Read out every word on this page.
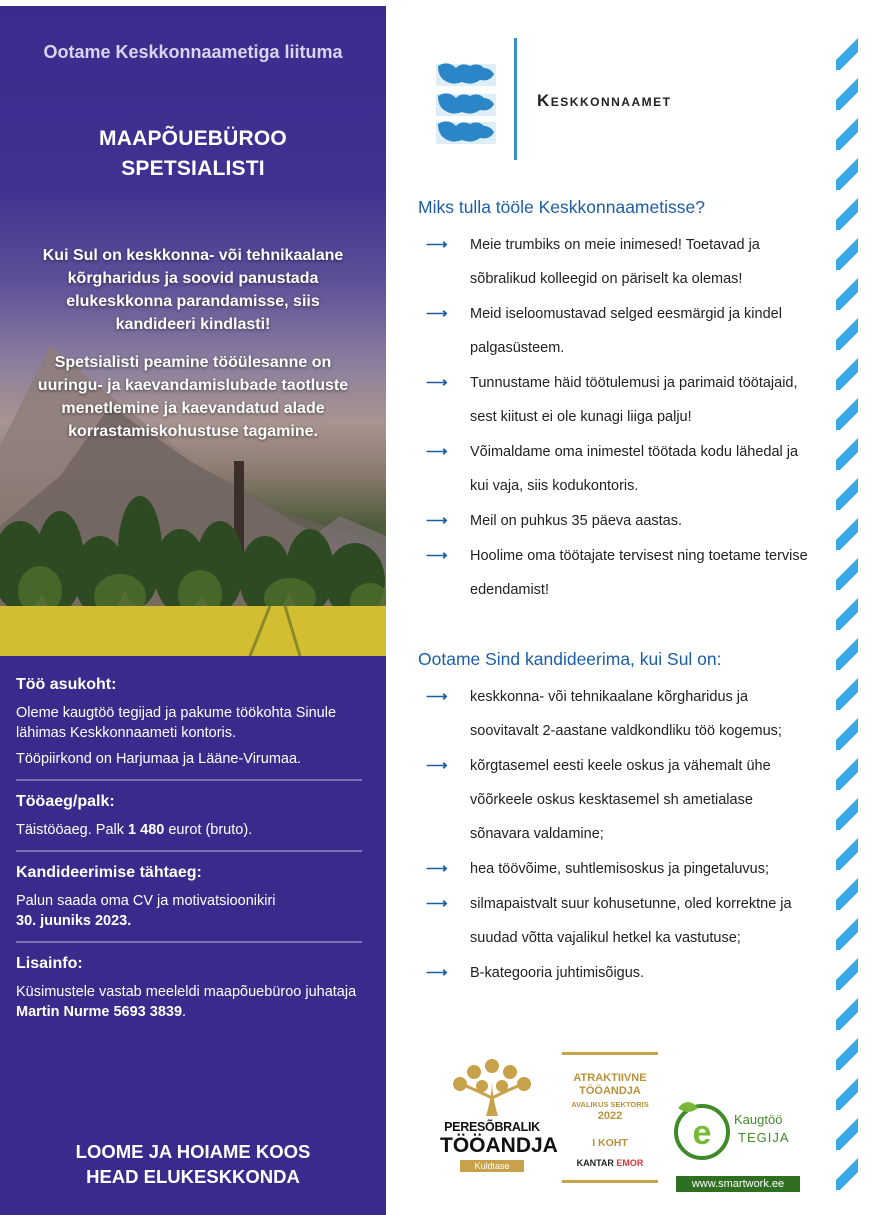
Ootame Keskkonnaametiga liituma
MAAPÕUEBÜROO
SPETSIALISTI
Kui Sul on keskkonna- või tehnikaalane kõrgharidus ja soovid panustada elukeskkonna parandamisse, siis kandideeri kindlasti!
Spetsialisti peamine tööülesanne on uuringu- ja kaevandamislubade taotluste menetlemine ja kaevandatud alade korrastamiskohustuse tagamine.
Töö asukoht:
Oleme kaugtöö tegijad ja pakume töökohta Sinule lähimas Keskkonnaameti kontoris.
Tööpiirkond on Harjumaa ja Lääne-Virumaa.
Tööaeg/palk:
Täistööaeg. Palk 1 480 eurot (bruto).
Kandideerimise tähtaeg:
Palun saada oma CV ja motivatsioonikiri
30. juuniks 2023.
Lisainfo:
Küsimustele vastab meeleldi maapõuebüroo juhataja Martin Nurme 5693 3839.
LOOME JA HOIAME KOOS
HEAD ELUKESKKONDA
Keskkonnaamet
Miks tulla tööle Keskkonnaametisse?
⟶ Meie trumbiks on meie inimesed! Toetavad ja sõbralikud kolleegid on päriselt ka olemas!
⟶ Meid iseloomustavad selged eesmärgid ja kindel palgasüsteem.
⟶ Tunnustame häid töötulemusi ja parimaid töötajaid, sest kiitust ei ole kunagi liiga palju!
⟶ Võimaldame oma inimestel töötada kodu lähedal ja kui vaja, siis kodukontoris.
⟶ Meil on puhkus 35 päeva aastas.
⟶ Hoolime oma töötajate tervisest ning toetame tervise edendamist!
Ootame Sind kandideerima, kui Sul on:
⟶ keskkonna- või tehnikaalane kõrgharidus ja soovitavalt 2-aastane valdkondliku töö kogemus;
⟶ kõrgtasemel eesti keele oskus ja vähemalt ühe võõrkeele oskus kesktasemel sh ametialase sõnavara valdamine;
⟶ hea töövõime, suhtlemisoskus ja pingetaluvus;
⟶ silmapaistvalt suur kohusetunne, oled korrektne ja suudad võtta vajalikul hetkel ka vastutuse;
⟶ B-kategooria juhtimisõigus.
PERESÕBRALIK
TÖÖANDJA
Kuldtase
ATRAKTIIVNE
TÖÖANDJA
AVALIKUS SEKTORIS
2022
I KOHT
KANTAR EMOR
e Kaugtöö
TEGIJA
www.smartwork.ee
